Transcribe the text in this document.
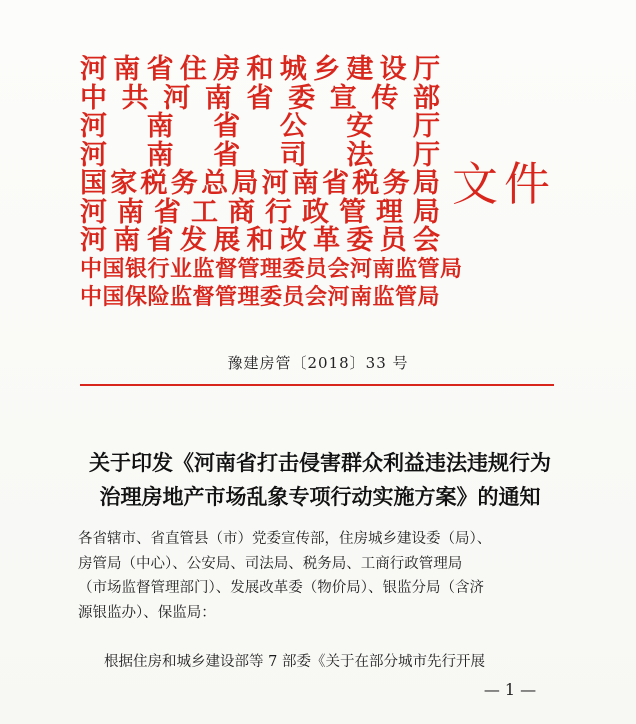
河 南 省 住 房 和 城 乡 建 设 厅
中 共 河 南 省 委 宣 传 部
河 南 省 公 安 厅
河 南 省 司 法 厅
国 家 税 务 总 局 河 南 省 税 务 局
河 南 省 工 商 行 政 管 理 局
河 南 省 发 展 和 改 革 委 员 会
中国银行业监督管理委员会河南监管局
中国保险监督管理委员会河南监管局
文件
豫建房管〔2018〕33 号
关于印发《河南省打击侵害群众利益违法违规行为
治理房地产市场乱象专项行动实施方案》的通知
各省辖市、省直管县（市）党委宣传部，住房城乡建设委（局）、
房管局（中心）、公安局、司法局、税务局、工商行政管理局
（市场监督管理部门）、发展改革委（物价局）、银监分局（含济
源银监办）、保监局：
根据住房和城乡建设部等 7 部委《关于在部分城市先行开展
— 1 —
